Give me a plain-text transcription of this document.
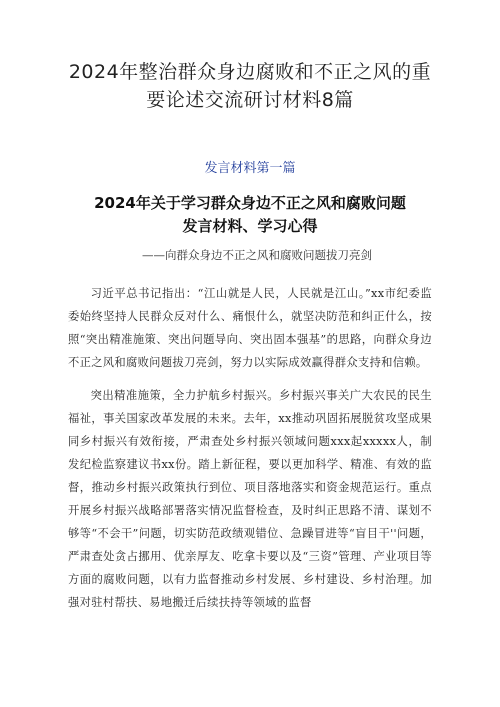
2024年整治群众身边腐败和不正之风的重
要论述交流研讨材料8篇
发言材料第一篇
2024年关于学习群众身边不正之风和腐败问题
发言材料、学习心得
——向群众身边不正之风和腐败问题拔刀亮剑

习近平总书记指出：“江山就是人民，人民就是江山。”xx市纪委监委始终坚持人民群众反对什么、痛恨什么，就坚决防范和纠正什么，按照“突出精准施策、突出问题导向、突出固本强基”的思路，向群众身边不正之风和腐败问题拔刀亮剑，努力以实际成效赢得群众支持和信赖。

突出精准施策，全力护航乡村振兴。乡村振兴事关广大农民的民生福祉，事关国家改革发展的未来。去年，xx推动巩固拓展脱贫攻坚成果同乡村振兴有效衔接，严肃查处乡村振兴领域问题xxx起xxxxx人，制发纪检监察建议书xx份。踏上新征程，要以更加科学、精准、有效的监督，推动乡村振兴政策执行到位、项目落地落实和资金规范运行。重点开展乡村振兴战略部署落实情况监督检查，及时纠正思路不清、谋划不够等“不会干”问题，切实防范政绩观错位、急躁冒进等“盲目干''问题，严肃查处贪占挪用、优亲厚友、吃拿卡要以及“三资”管理、产业项目等方面的腐败问题，以有力监督推动乡村发展、乡村建设、乡村治理。加强对驻村帮扶、易地搬迁后续扶持等领域的监督
